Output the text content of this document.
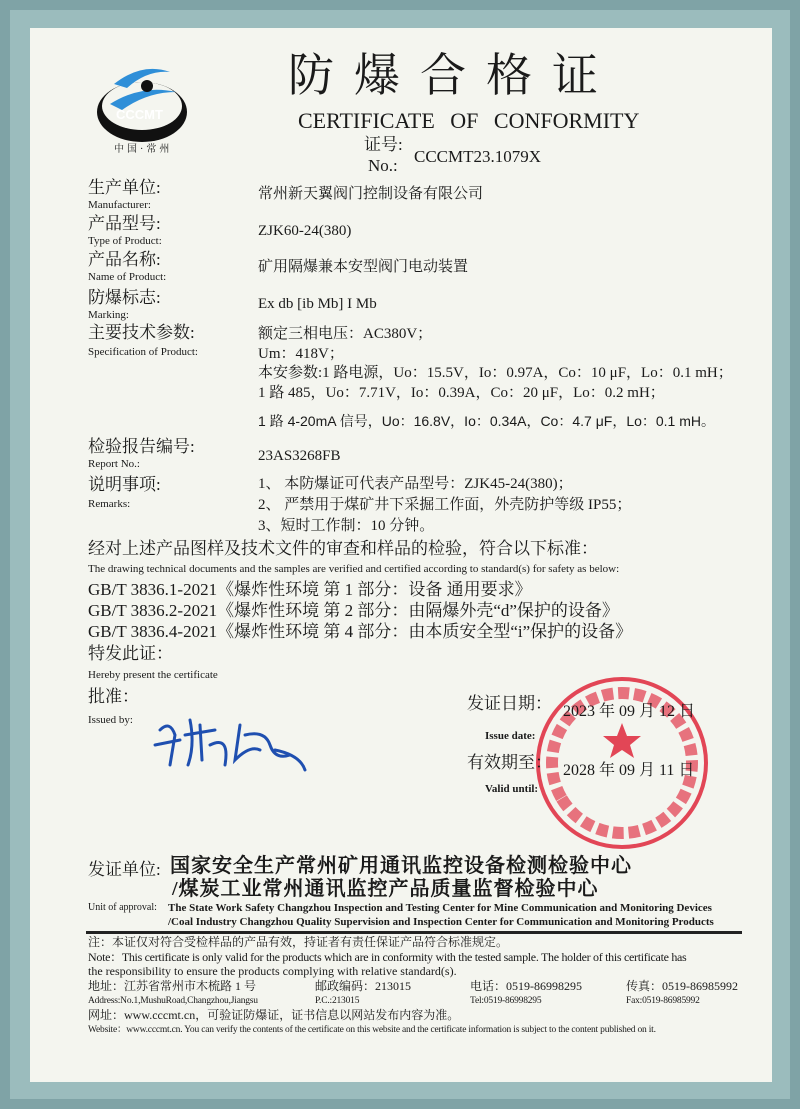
CCCMT
中国·常州
防爆合格证
CERTIFICATE OF CONFORMITY
证号:
No.: CCCMT23.1079X
生产单位:
Manufacturer:
常州新天翼阀门控制设备有限公司
产品型号:
Type of Product:
ZJK60-24(380)
产品名称:
Name of Product:
矿用隔爆兼本安型阀门电动装置
防爆标志:
Marking:
Ex db [ib Mb] I Mb
主要技术参数:
Specification of Product:
额定三相电压：AC380V；
Um：418V；
本安参数:1 路电源，Uo：15.5V，Io：0.97A，Co：10 μF，Lo：0.1 mH；
1 路 485，Uo：7.71V，Io：0.39A，Co：20 μF，Lo：0.2 mH；
1 路 4-20mA 信号，Uo：16.8V，Io：0.34A，Co：4.7 μF，Lo：0.1 mH。
检验报告编号:
Report No.:	23AS3268FB
说明事项:
Remarks:
1、 本防爆证可代表产品型号：ZJK45-24(380)；
2、 严禁用于煤矿井下采掘工作面，外壳防护等级 IP55；
3、短时工作制：10 分钟。
经对上述产品图样及技术文件的审查和样品的检验，符合以下标准：
The drawing technical documents and the samples are verified and certified according to standard(s) for safety as below:
GB/T 3836.1-2021《爆炸性环境 第 1 部分：设备 通用要求》
GB/T 3836.2-2021《爆炸性环境 第 2 部分：由隔爆外壳“d”保护的设备》
GB/T 3836.4-2021《爆炸性环境 第 4 部分：由本质安全型“i”保护的设备》
特发此证：
Hereby present the certificate
批准：
Issued by:
发证日期： 2023 年 09 月 12 日
Issue date:
有效期至： 2028 年 09 月 11 日
Valid until:
发证单位: 国家安全生产常州矿用通讯监控设备检测检验中心
/煤炭工业常州通讯监控产品质量监督检验中心
Unit of approval: The State Work Safety Changzhou Inspection and Testing Center for Mine Communication and Monitoring Devices
/Coal Industry Changzhou Quality Supervision and Inspection Center for Communication and Monitoring Products
注：本证仅对符合受检样品的产品有效，持证者有责任保证产品符合标准规定。
Note：This certificate is only valid for the products which are in conformity with the tested sample. The holder of this certificate has
the responsibility to ensure the products complying with relative standard(s).
地址：江苏省常州市木梳路 1 号	邮政编码：213015	电话：0519-86998295	传真：0519-86985992
Address:No.1,MushuRoad,Changzhou,Jiangsu	P.C.:213015	Tel:0519-86998295	Fax:0519-86985992
网址：www.cccmt.cn，可验证防爆证，证书信息以网站发布内容为准。
Website：www.cccmt.cn. You can verify the contents of the certificate on this website and the certificate information is subject to the content published on it.
